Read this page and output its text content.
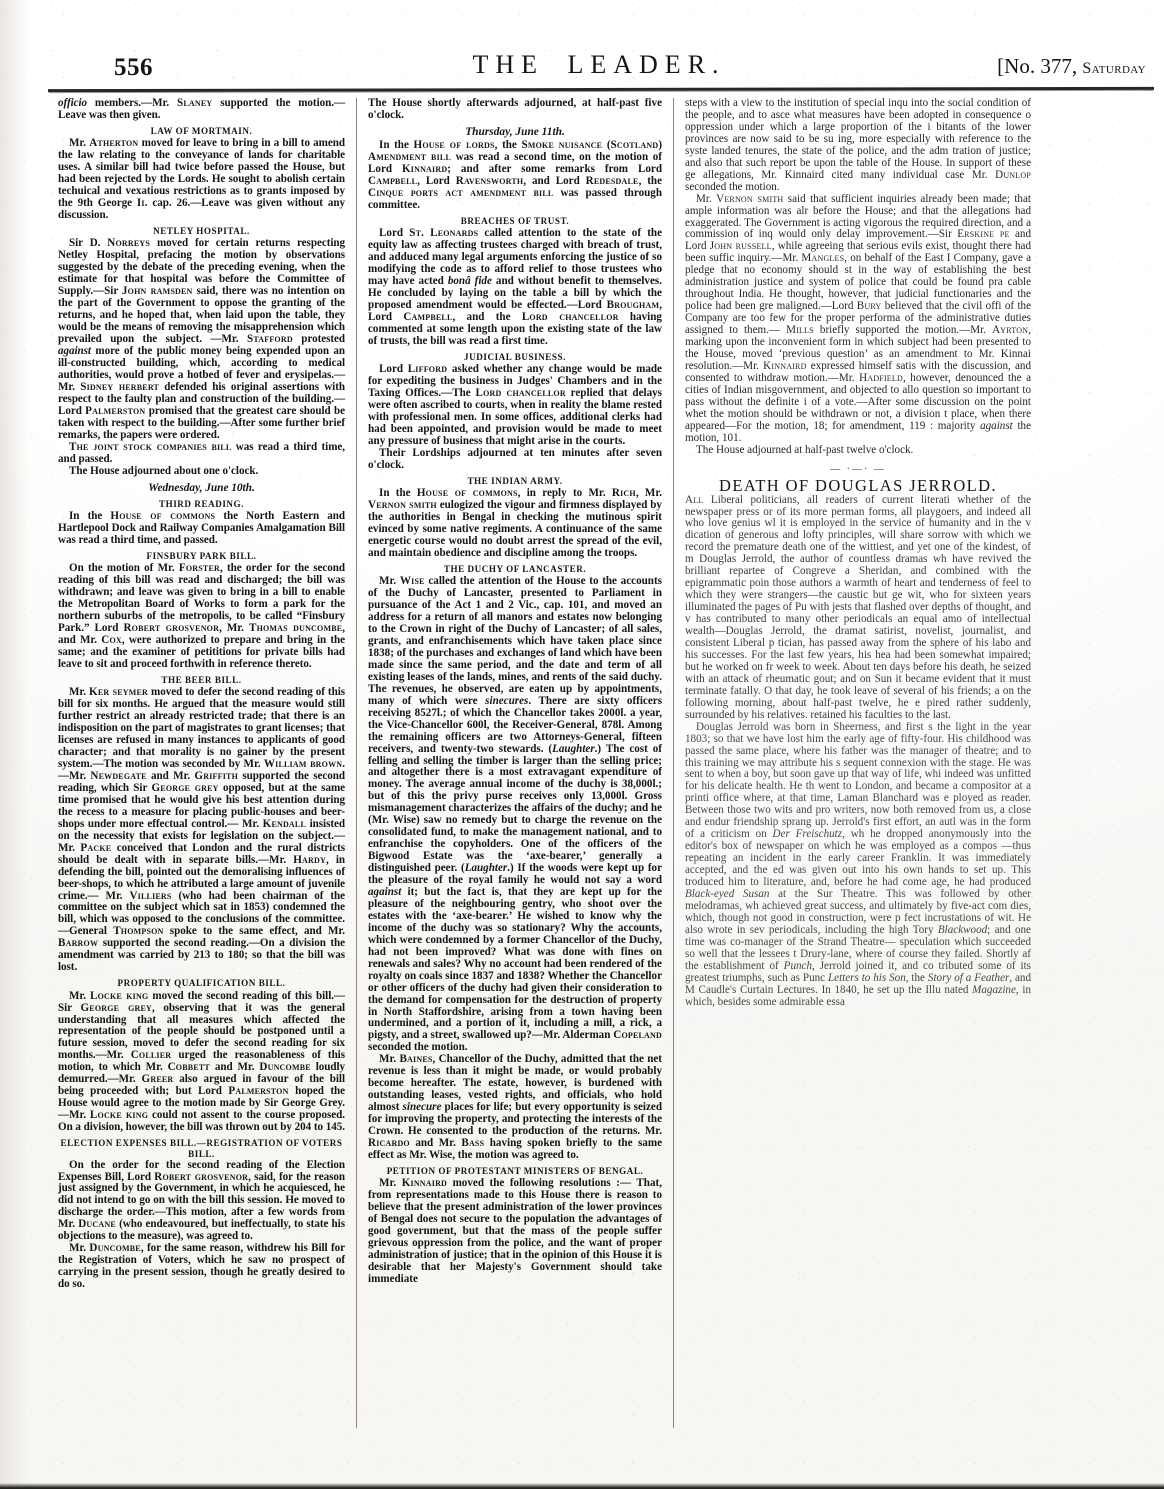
556	THE LEADER.	[No. 377, Saturday

officio members.—Mr. Slaney supported the motion.— Leave was then given.

LAW OF MORTMAIN.

Mr. Atherton moved for leave to bring in a bill to amend the law relating to the conveyance of lands for charitable uses. A similar bill had twice before passed the House, but had been rejected by the Lords. He sought to abolish certain techuical and vexatious restrictions as to grants imposed by the 9th George Ii. cap. 26.—Leave was given without any discussion.

NETLEY HOSPITAL.

Sir D. Norreys moved for certain returns respecting Netley Hospital, prefacing the motion by observations suggested by the debate of the preceding evening, when the estimate for that hospital was before the Committee of Supply.—Sir John ramsden said, there was no intention on the part of the Government to oppose the granting of the returns, and he hoped that, when laid upon the table, they would be the means of removing the misapprehension which prevailed upon the subject. —Mr. Stafford protested against more of the public money being expended upon an ill-constructed building, which, according to medical authorities, would prove a hotbed of fever and erysipelas.—Mr. Sidney herbert defended his original assertions with respect to the faulty plan and construction of the building.—Lord Palmerston promised that the greatest care should be taken with respect to the building.—After some further brief remarks, the papers were ordered.

The joint stock companies bill was read a third time, and passed.

The House adjourned about one o'clock.

Wednesday, June 10th.
THIRD READING.

In the House of commons the North Eastern and Hartlepool Dock and Railway Companies Amalgamation Bill was read a third time, and passed.

FINSBURY PARK BILL.

On the motion of Mr. Forster, the order for the second reading of this bill was read and discharged; the bill was withdrawn; and leave was given to bring in a bill to enable the Metropolitan Board of Works to form a park for the northern suburbs of the metropolis, to be called “Finsbury Park.” Lord Robert grosvenor, Mr. Thomas duncombe, and Mr. Cox, were authorized to prepare and bring in the same; and the examiner of petititions for private bills had leave to sit and proceed forthwith in reference thereto.

THE BEER BILL.

Mr. Ker seymer moved to defer the second reading of this bill for six months. He argued that the measure would still further restrict an already restricted trade; that there is an indisposition on the part of magistrates to grant licenses; that licenses are refused in many instances to applicants of good character; and that morality is no gainer by the present system.—The motion was seconded by Mr. William brown.—Mr. Newdegate and Mr. Griffith supported the second reading, which Sir George grey opposed, but at the same time promised that he would give his best attention during the recess to a measure for placing public-houses and beer-shops under more effectual control.— Mr. Kendall insisted on the necessity that exists for legislation on the subject.—Mr. Packe conceived that London and the rural districts should be dealt with in separate bills.—Mr. Hardy, in defending the bill, pointed out the demoralising influences of beer-shops, to which he attributed a large amount of juvenile crime.— Mr. Villiers (who had been chairman of the committee on the subject which sat in 1853) condemned the bill, which was opposed to the conclusions of the committee.—General Thompson spoke to the same effect, and Mr. Barrow supported the second reading.—On a division the amendment was carried by 213 to 180; so that the bill was lost.

PROPERTY QUALIFICATION BILL.

Mr. Locke king moved the second reading of this bill.—Sir George grey, observing that it was the general understanding that all measures which affected the representation of the people should be postponed until a future session, moved to defer the second reading for six months.—Mr. Collier urged the reasonableness of this motion, to which Mr. Cobbett and Mr. Duncombe loudly demurred.—Mr. Greer also argued in favour of the bill being proceeded with; but Lord Palmerston hoped the House would agree to the motion made by Sir George Grey.—Mr. Locke king could not assent to the course proposed. On a division, however, the bill was thrown out by 204 to 145.

ELECTION EXPENSES BILL.—REGISTRATION OF VOTERS BILL.

On the order for the second reading of the Election Expenses Bill, Lord Robert grosvenor, said, for the reason just assigned by the Government, in which he acquiesced, he did not intend to go on with the bill this session. He moved to discharge the order.—This motion, after a few words from Mr. Ducane (who endeavoured, but ineffectually, to state his objections to the measure), was agreed to.

Mr. Duncombe, for the same reason, withdrew his Bill for the Registration of Voters, which he saw no prospect of carrying in the present session, though he greatly desired to do so.

The House shortly afterwards adjourned, at half-past five o'clock.

Thursday, June 11th.

In the House of lords, the Smoke nuisance (Scotland) Amendment bill was read a second time, on the motion of Lord Kinnaird; and after some remarks from Lord Campbell, Lord Ravensworth, and Lord Redesdale, the Cinque ports act amendment bill was passed through committee.

BREACHES OF TRUST.

Lord St. Leonards called attention to the state of the equity law as affecting trustees charged with breach of trust, and adduced many legal arguments enforcing the justice of so modifying the code as to afford relief to those trustees who may have acted bonâ fide and without benefit to themselves. He concluded by laying on the table a bill by which the proposed amendment would be effected.—Lord Brougham, Lord Campbell, and the Lord chancellor having commented at some length upon the existing state of the law of trusts, the bill was read a first time.

JUDICIAL BUSINESS.

Lord Lifford asked whether any change would be made for expediting the business in Judges' Chambers and in the Taxing Offices.—The Lord chancellor replied that delays were often ascribed to courts, when in reality the blame rested with professional men. In some offices, additional clerks had had been appointed, and provision would be made to meet any pressure of business that might arise in the courts.

Their Lordships adjourned at ten minutes after seven o'clock.

THE INDIAN ARMY.

In the House of commons, in reply to Mr. Rich, Mr. Vernon smith eulogized the vigour and firmness displayed by the authorities in Bengal in checking the mutinous spirit evinced by some native regiments. A continuance of the same energetic course would no doubt arrest the spread of the evil, and maintain obedience and discipline among the troops.

THE DUCHY OF LANCASTER.

Mr. Wise called the attention of the House to the accounts of the Duchy of Lancaster, presented to Parliament in pursuance of the Act 1 and 2 Vic., cap. 101, and moved an address for a return of all manors and estates now belonging to the Crown in right of the Duchy of Lancaster; of all sales, grants, and enfranchisements which have taken place since 1838; of the purchases and exchanges of land which have been made since the same period, and the date and term of all existing leases of the lands, mines, and rents of the said duchy. The revenues, he observed, are eaten up by appointments, many of which were sinecures. There are sixty officers receiving 8527l.; of which the Chancellor takes 2000l. a year, the Vice-Chancellor 600l, the Receiver-General, 878l. Among the remaining officers are two Attorneys-General, fifteen receivers, and twenty-two stewards. (Laughter.) The cost of felling and selling the timber is larger than the selling price; and altogether there is a most extravagant expenditure of money. The average annual income of the duchy is 38,000l.; but of this the privy purse receives only 13,000l. Gross mismanagement characterizes the affairs of the duchy; and he (Mr. Wise) saw no remedy but to charge the revenue on the consolidated fund, to make the management national, and to enfranchise the copyholders. One of the officers of the Bigwood Estate was the ‘axe-bearer,’ generally a distinguished peer. (Laughter.) If the woods were kept up for the pleasure of the royal family he would not say a word against it; but the fact is, that they are kept up for the pleasure of the neighbouring gentry, who shoot over the estates with the ‘axe-bearer.’ He wished to know why the income of the duchy was so stationary? Why the accounts, which were condemned by a former Chancellor of the Duchy, had not been improved? What was done with fines on renewals and sales? Why no account had been rendered of the royalty on coals since 1837 and 1838? Whether the Chancellor or other officers of the duchy had given their consideration to the demand for compensation for the destruction of property in North Staffordshire, arising from a town having been undermined, and a portion of it, including a mill, a rick, a pigsty, and a street, swallowed up?—Mr. Alderman Copeland seconded the motion.

Mr. Baines, Chancellor of the Duchy, admitted that the net revenue is less than it might be made, or would probably become hereafter. The estate, however, is burdened with outstanding leases, vested rights, and officials, who hold almost sinecure places for life; but every opportunity is seized for improving the property, and protecting the interests of the Crown. He consented to the production of the returns. Mr. Ricardo and Mr. Bass having spoken briefly to the same effect as Mr. Wise, the motion was agreed to.

PETITION OF PROTESTANT MINISTERS OF BENGAL.

Mr. Kinnaird moved the following resolutions :— That, from representations made to this House there is reason to believe that the present administration of the lower provinces of Bengal does not secure to the population the advantages of good government, but that the mass of the people suffer grievous oppression from the police, and the want of proper administration of justice; that in the opinion of this House it is desirable that her Majesty's Government should take immediate

steps with a view to the institution of special inqu into the social condition of the people, and to asce what measures have been adopted in consequence o oppression under which a large proportion of the i bitants of the lower provinces are now said to be su ing, more especially with reference to the syste landed tenures, the state of the police, and the adm tration of justice; and also that such report be upon the table of the House. In support of these ge allegations, Mr. Kinnaird cited many individual case Mr. Dunlop seconded the motion.

Mr. Vernon smith said that sufficient inquiries already been made; that ample information was alr before the House; and that the allegations had exaggerated. The Government is acting vigorous the required direction, and a commission of inq would only delay improvement.—Sir Erskine pe and Lord John russell, while agreeing that serious evils exist, thought there had been suffic inquiry.—Mr. Mangles, on behalf of the East I Company, gave a pledge that no economy should st in the way of establishing the best administration justice and system of police that could be found pra cable throughout India. He thought, however, that judicial functionaries and the police had been gre maligned.—Lord Bury believed that the civil offi of the Company are too few for the proper performa of the administrative duties assigned to them.— Mills briefly supported the motion.—Mr. Ayrton, marking upon the inconvenient form in which subject had been presented to the House, moved ‘previous question’ as an amendment to Mr. Kinnai resolution.—Mr. Kinnaird expressed himself satis with the discussion, and consented to withdraw motion.—Mr. Hadfield, however, denounced the a cities of Indian misgovernment, and objected to allo question so important to pass without the definite i of a vote.—After some discussion on the point whet the motion should be withdrawn or not, a division t place, when there appeared—For the motion, 18; for amendment, 119 : majority against the motion, 101.

The House adjourned at half-past twelve o'clock.

— ·—· —
DEATH OF DOUGLAS JERROLD.

All Liberal politicians, all readers of current literati whether of the newspaper press or of its more perman forms, all playgoers, and indeed all who love genius wl it is employed in the service of humanity and in the v dication of generous and lofty principles, will share sorrow with which we record the premature death one of the wittiest, and yet one of the kindest, of m Douglas Jerrold, the author of countless dramas wh have revived the brilliant repartee of Congreve a Sheridan, and combined with the epigrammatic poin those authors a warmth of heart and tenderness of feel to which they were strangers—the caustic but ge wit, who for sixteen years illuminated the pages of Pu with jests that flashed over depths of thought, and v has contributed to many other periodicals an equal amo of intellectual wealth—Douglas Jerrold, the dramat satirist, novelist, journalist, and consistent Liberal p tician, has passed away from the sphere of his labo and his successes. For the last few years, his hea had been somewhat impaired; but he worked on fr week to week. About ten days before his death, he seized with an attack of rheumatic gout; and on Sun it became evident that it must terminate fatally. O that day, he took leave of several of his friends; a on the following morning, about half-past twelve, he e pired rather suddenly, surrounded by his relatives. retained his faculties to the last.

Douglas Jerrold was born in Sheerness, and first s the light in the year 1803; so that we have lost him the early age of fifty-four. His childhood was passed the same place, where his father was the manager of theatre; and to this training we may attribute his s sequent connexion with the stage. He was sent to when a boy, but soon gave up that way of life, whi indeed was unfitted for his delicate health. He th went to London, and became a compositor at a printi office where, at that time, Laman Blanchard was e ployed as reader. Between those two wits and pro writers, now both removed from us, a close and endur friendship sprang up. Jerrold's first effort, an autl was in the form of a criticism on Der Freischutz, wh he dropped anonymously into the editor's box of newspaper on which he was employed as a compos —thus repeating an incident in the early career Franklin. It was immediately accepted, and the ed was given out into his own hands to set up. This troduced him to literature, and, before he had come age, he had produced Black-eyed Susan at the Sur Theatre. This was followed by other melodramas, wh achieved great success, and ultimately by five-act com dies, which, though not good in construction, were p fect incrustations of wit. He also wrote in sev periodicals, including the high Tory Blackwood; and one time was co-manager of the Strand Theatre— speculation which succeeded so well that the lessees t Drury-lane, where of course they failed. Shortly af the establishment of Punch, Jerrold joined it, and co tributed some of its greatest triumphs, such as Punc Letters to his Son, the Story of a Feather, and M Caudle's Curtain Lectures. In 1840, he set up the Illu nated Magazine, in which, besides some admirable essa
